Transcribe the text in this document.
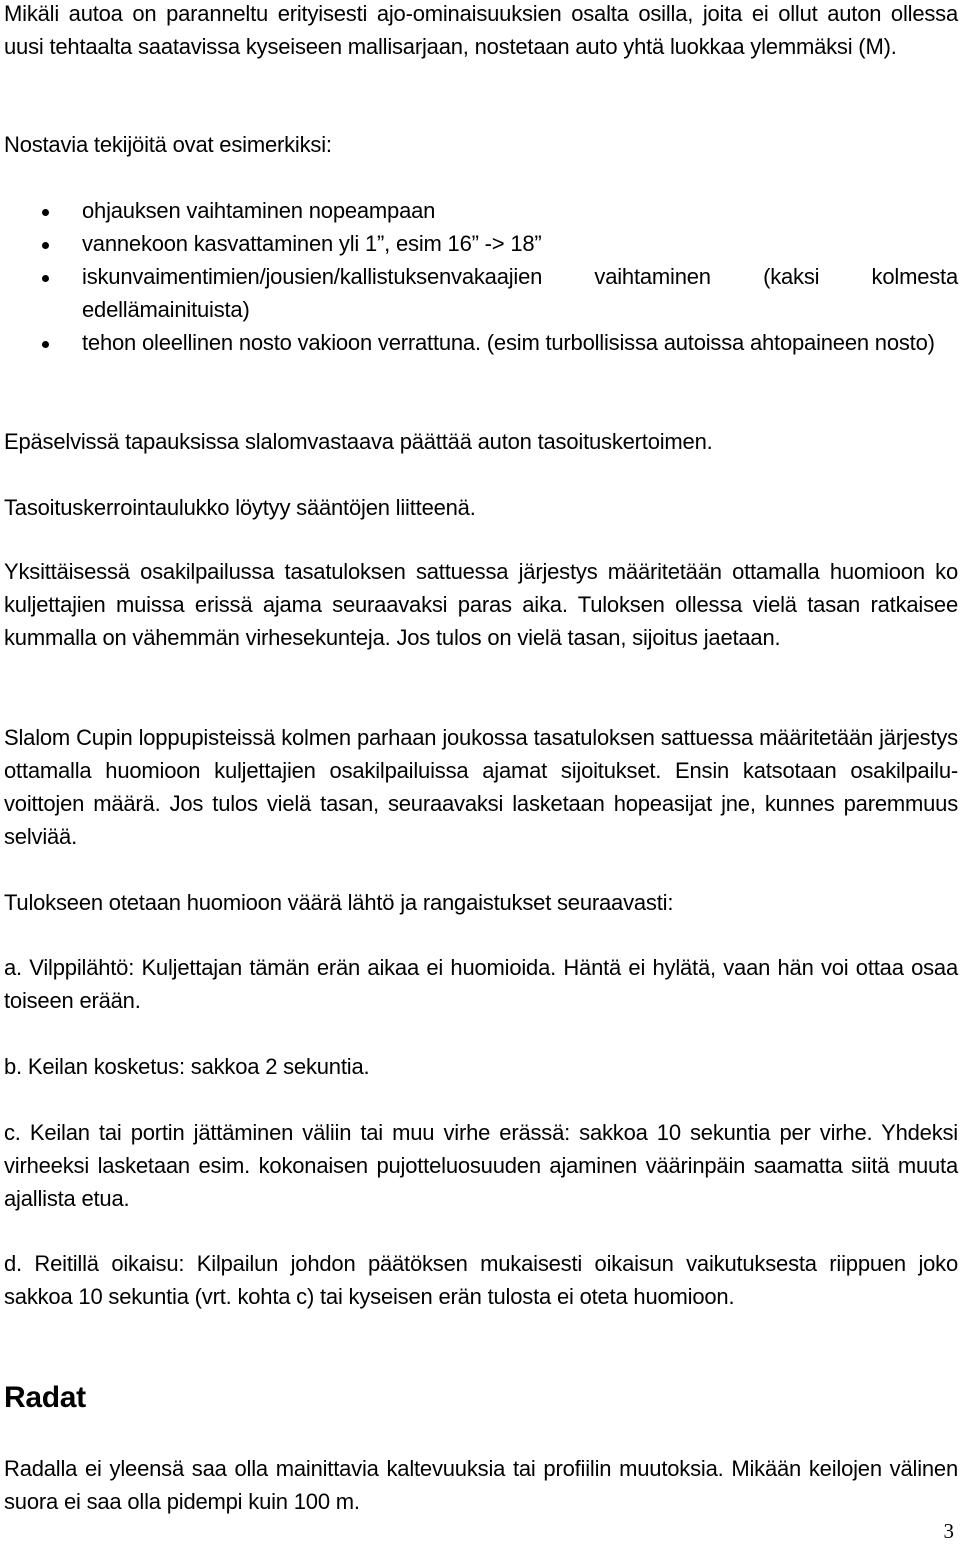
Mikäli autoa on paranneltu erityisesti ajo-ominaisuuksien osalta osilla, joita ei ollut auton ollessa uusi tehtaalta saatavissa kyseiseen mallisarjaan, nostetaan auto yhtä luokkaa ylemmäksi (M).

Nostavia tekijöitä ovat esimerkiksi:

ohjauksen vaihtaminen nopeampaan
vannekoon kasvattaminen yli 1”, esim 16” -> 18”
iskunvaimentimien/jousien/kallistuksenvakaajien vaihtaminen (kaksi kolmesta edellämainituista)
tehon oleellinen nosto vakioon verrattuna. (esim turbollisissa autoissa ahtopaineen nosto)

Epäselvissä tapauksissa slalomvastaava päättää auton tasoituskertoimen.

Tasoituskerrointaulukko löytyy sääntöjen liitteenä.

Yksittäisessä osakilpailussa tasatuloksen sattuessa järjestys määritetään ottamalla huomioon ko kuljettajien muissa erissä ajama seuraavaksi paras aika. Tuloksen ollessa vielä tasan ratkaisee kummalla on vähemmän virhesekunteja. Jos tulos on vielä tasan, sijoitus jaetaan.

Slalom Cupin loppupisteissä kolmen parhaan joukossa tasatuloksen sattuessa määritetään järjestys ottamalla huomioon kuljettajien osakilpailuissa ajamat sijoitukset. Ensin katsotaan osakilpailu-voittojen määrä. Jos tulos vielä tasan, seuraavaksi lasketaan hopeasijat jne, kunnes paremmuus selviää.

Tulokseen otetaan huomioon väärä lähtö ja rangaistukset seuraavasti:

a. Vilppilähtö: Kuljettajan tämän erän aikaa ei huomioida. Häntä ei hylätä, vaan hän voi ottaa osaa toiseen erään.

b. Keilan kosketus: sakkoa 2 sekuntia.

c. Keilan tai portin jättäminen väliin tai muu virhe erässä: sakkoa 10 sekuntia per virhe. Yhdeksi virheeksi lasketaan esim. kokonaisen pujotteluosuuden ajaminen väärinpäin saamatta siitä muuta ajallista etua.

d. Reitillä oikaisu: Kilpailun johdon päätöksen mukaisesti oikaisun vaikutuksesta riippuen joko sakkoa 10 sekuntia (vrt. kohta c) tai kyseisen erän tulosta ei oteta huomioon.

Radat

Radalla ei yleensä saa olla mainittavia kaltevuuksia tai profiilin muutoksia. Mikään keilojen välinen suora ei saa olla pidempi kuin 100 m.

3
